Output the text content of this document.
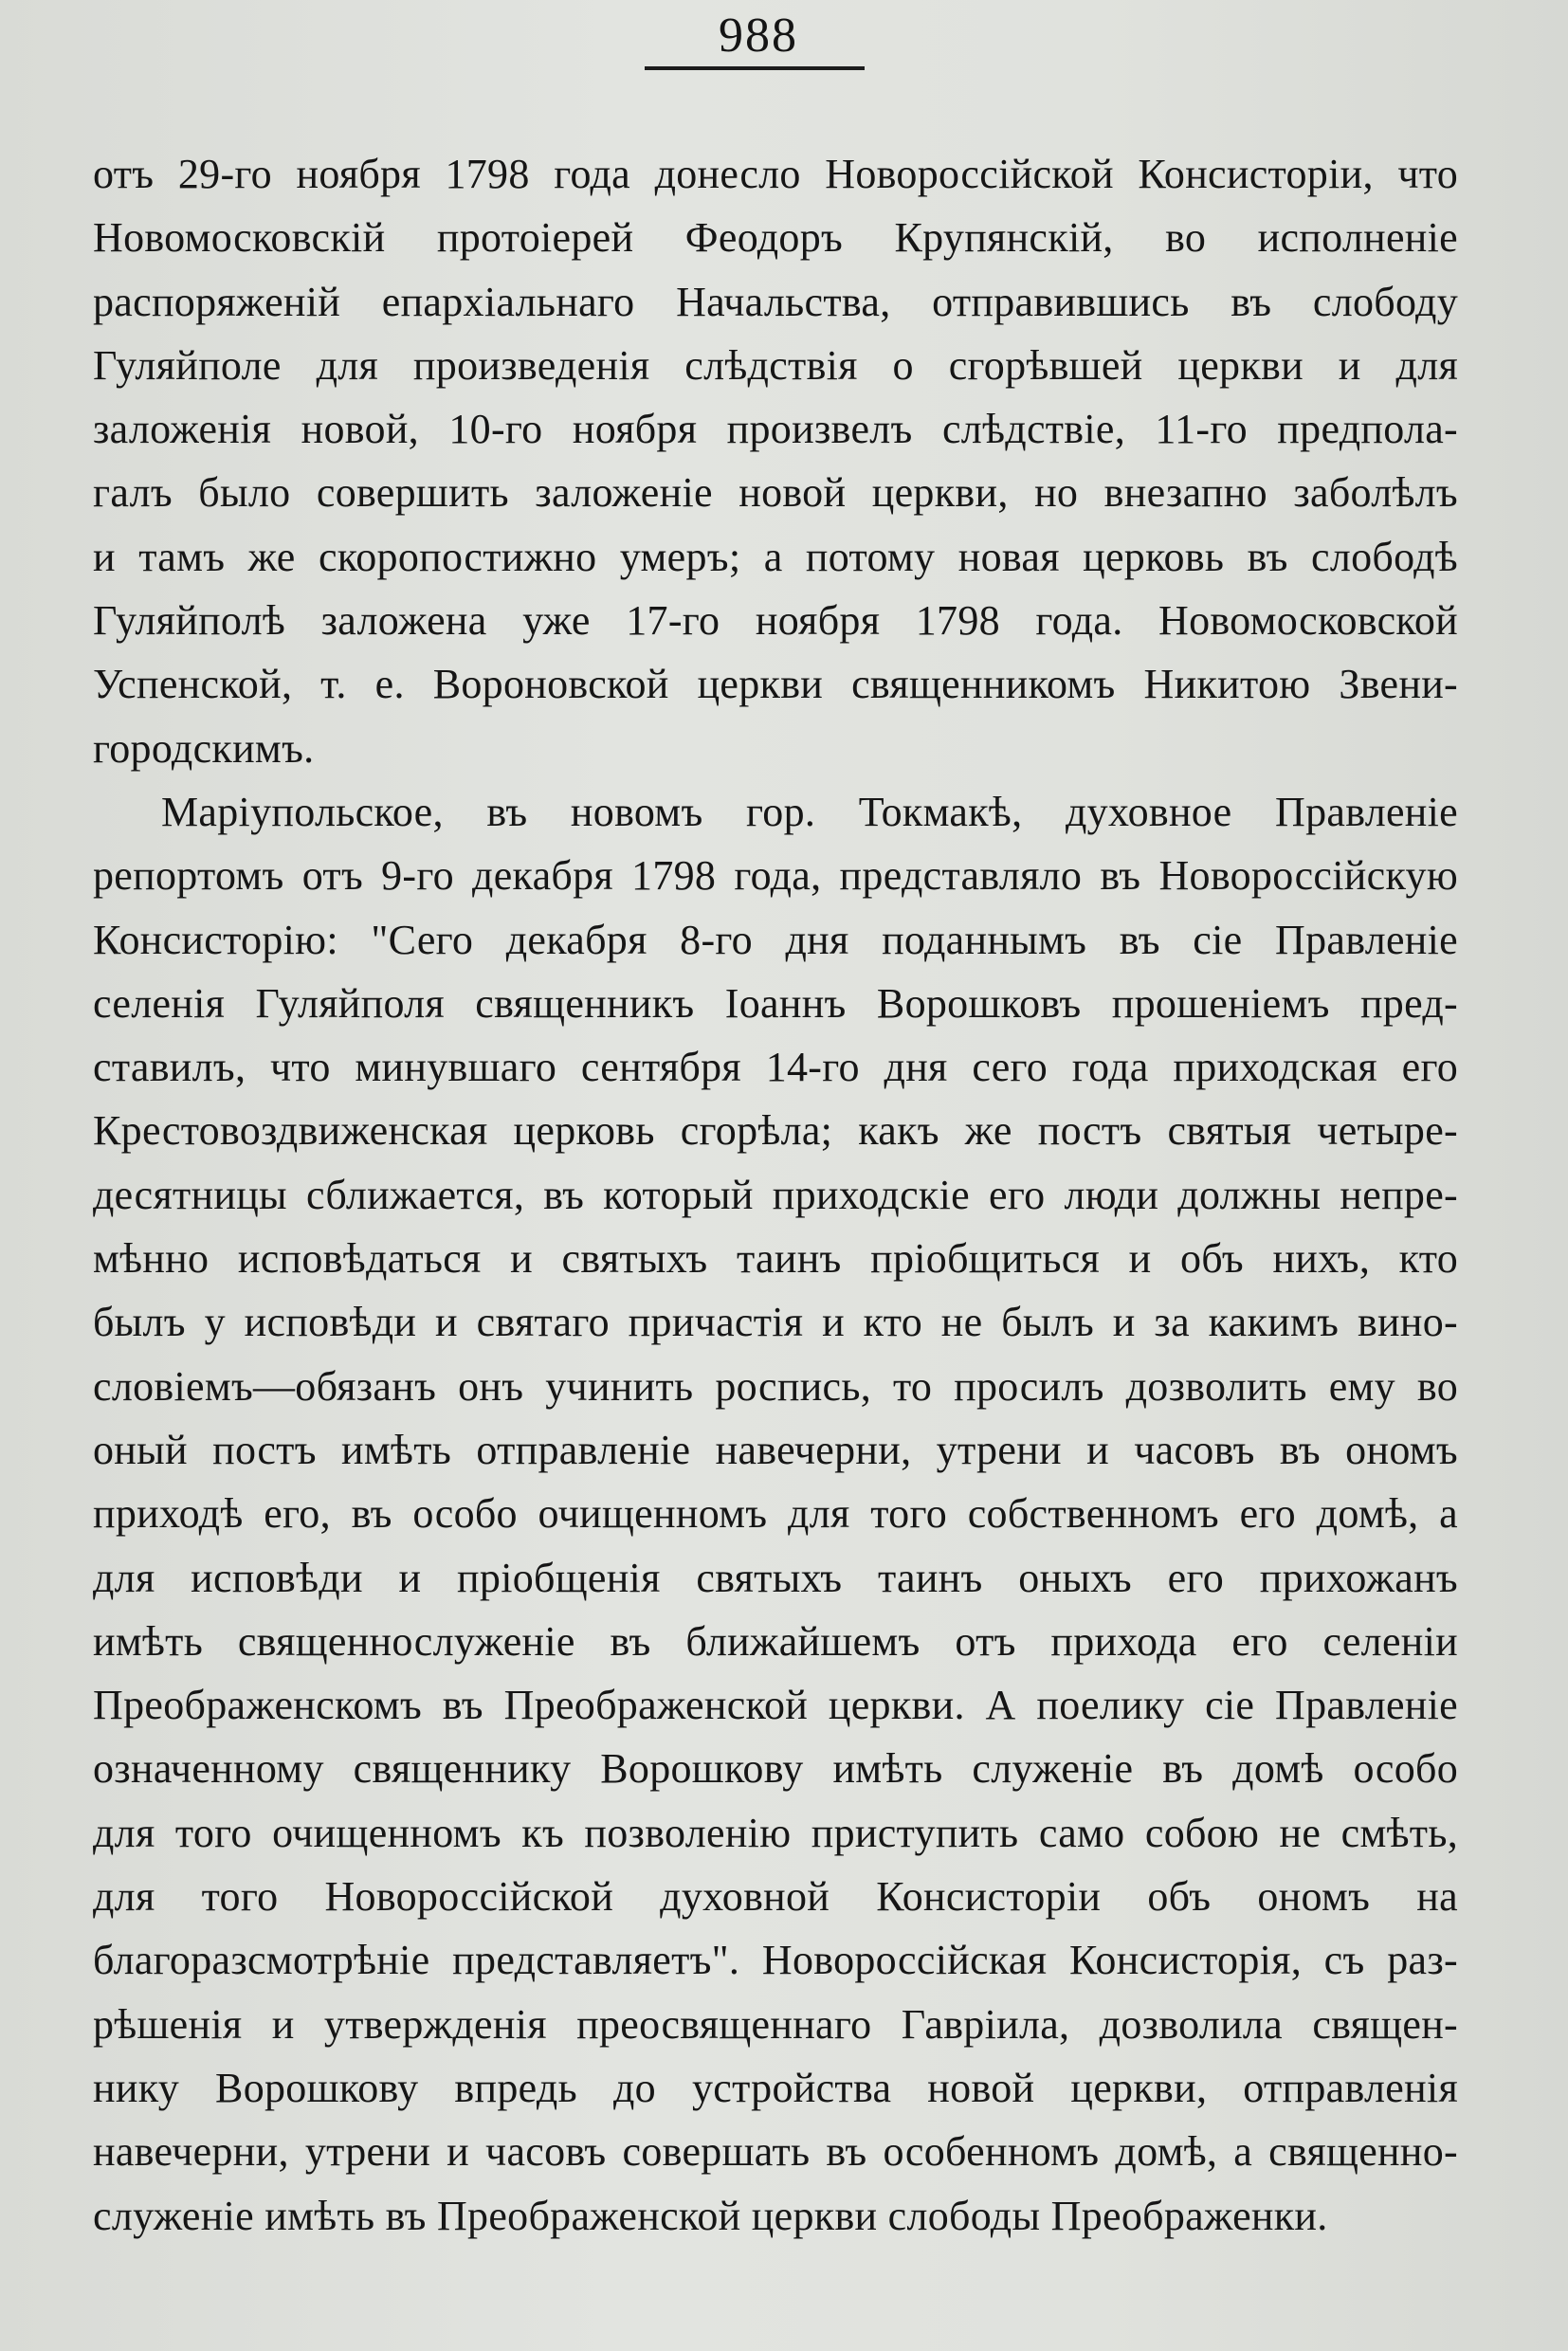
988
отъ 29-го ноября 1798 года донесло Новороссійской Консисторіи, что
Новомосковскій протоіерей Феодоръ Крупянскій, во исполненіе
распоряженій епархіальнаго Начальства, отправившись въ слободу
Гуляйполе для произведенія слѣдствія о сгорѣвшей церкви и для
заложенія новой, 10-го ноября произвелъ слѣдствіе, 11-го предпола-
галъ было совершить заложеніе новой церкви, но внезапно заболѣлъ
и тамъ же скоропостижно умеръ; а потому новая церковь въ слободѣ
Гуляйполѣ заложена уже 17-го ноября 1798 года. Новомосковской
Успенской, т. е. Вороновской церкви священникомъ Никитою Звени-
городскимъ.
Маріупольское, въ новомъ гор. Токмакѣ, духовное Правленіе
репортомъ отъ 9-го декабря 1798 года, представляло въ Новороссійскую
Консисторію: "Сего декабря 8-го дня поданнымъ въ сіе Правленіе
селенія Гуляйполя священникъ Іоаннъ Ворошковъ прошеніемъ пред-
ставилъ, что минувшаго сентября 14-го дня сего года приходская его
Крестовоздвиженская церковь сгорѣла; какъ же постъ святыя четыре-
десятницы сближается, въ который приходскіе его люди должны непре-
мѣнно исповѣдаться и святыхъ таинъ пріобщиться и объ нихъ, кто
былъ у исповѣди и святаго причастія и кто не былъ и за какимъ вино-
словіемъ—обязанъ онъ учинить роспись, то просилъ дозволить ему во
оный постъ имѣть отправленіе навечерни, утрени и часовъ въ ономъ
приходѣ его, въ особо очищенномъ для того собственномъ его домѣ, а
для исповѣди и пріобщенія святыхъ таинъ оныхъ его прихожанъ
имѣть священнослуженіе въ ближайшемъ отъ прихода его селеніи
Преображенскомъ въ Преображенской церкви. А поелику сіе Правленіе
означенному священнику Ворошкову имѣть служеніе въ домѣ особо
для того очищенномъ къ позволенію приступить само собою не смѣть,
для того Новороссійской духовной Консисторіи объ ономъ на
благоразсмотрѣніе представляетъ". Новороссійская Консисторія, съ раз-
рѣшенія и утвержденія преосвященнаго Гавріила, дозволила священ-
нику Ворошкову впредь до устройства новой церкви, отправленія
навечерни, утрени и часовъ совершать въ особенномъ домѣ, а священно-
служеніе имѣть въ Преображенской церкви слободы Преображенки.
